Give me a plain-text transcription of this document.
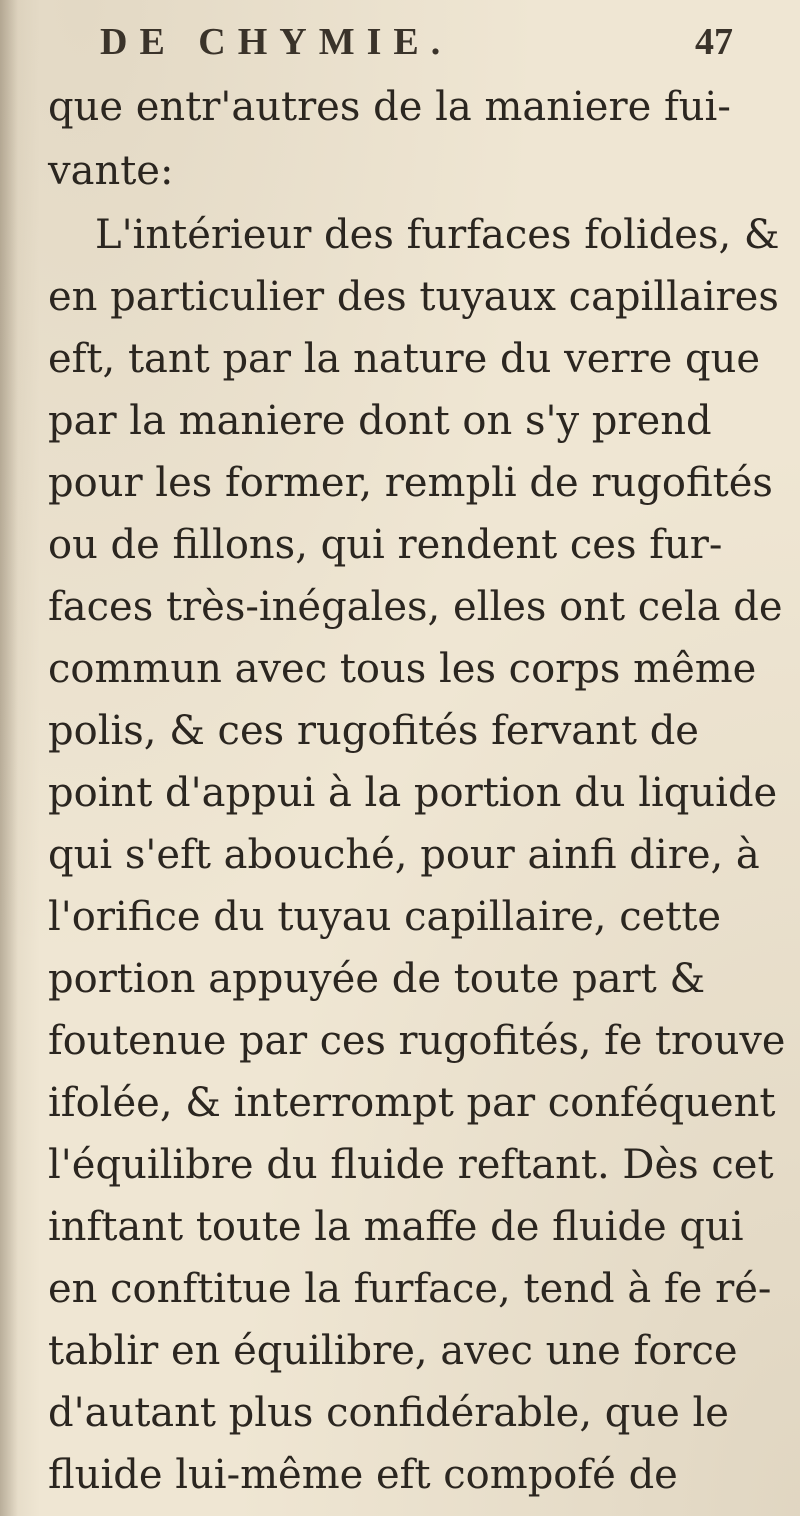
DE CHYMIE.	47
que entr'autres de la maniere fui-
vante:
L'intérieur des furfaces folides, &
en particulier des tuyaux capillaires
eft, tant par la nature du verre que
par la maniere dont on s'y prend
pour les former, rempli de rugofités
ou de fillons, qui rendent ces fur-
faces très-inégales, elles ont cela de
commun avec tous les corps même
polis, & ces rugofités fervant de
point d'appui à la portion du liquide
qui s'eft abouché, pour ainfi dire, à
l'orifice du tuyau capillaire, cette
portion appuyée de toute part &
foutenue par ces rugofités, fe trouve
ifolée, & interrompt par conféquent
l'équilibre du fluide reftant. Dès cet
inftant toute la maffe de fluide qui
en conftitue la furface, tend à fe ré-
tablir en équilibre, avec une force
d'autant plus confidérable, que le
fluide lui-même eft compofé de
